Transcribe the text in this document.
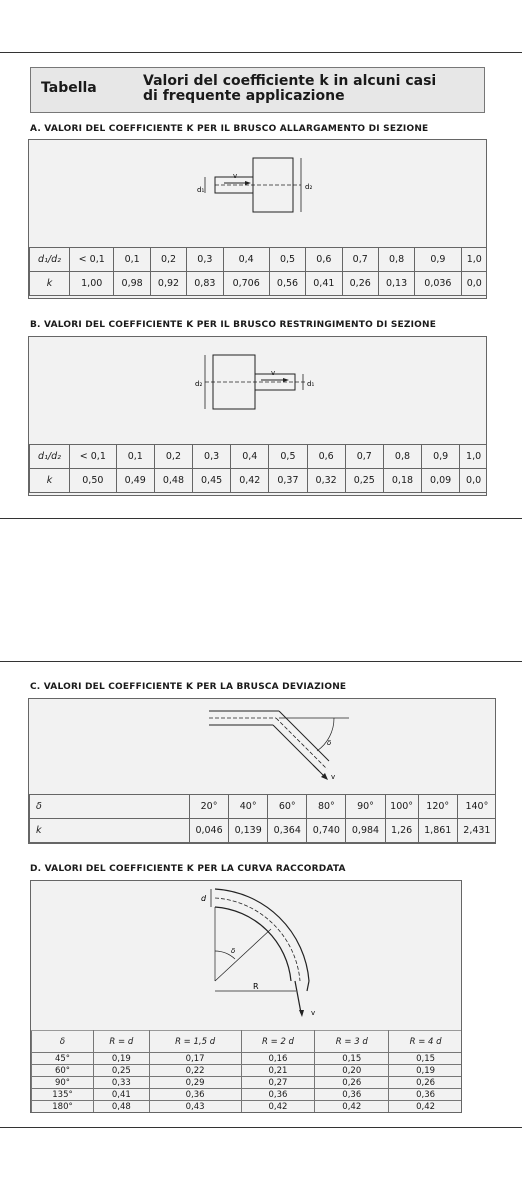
Tabella	Valori del coefficiente k in alcuni casi
di frequente applicazione
A. VALORI DEL COEFFICIENTE K PER IL BRUSCO ALLARGAMENTO DI SEZIONE
v
d₁	d₂
d₁/d₂	< 0,1	0,1	0,2	0,3	0,4	0,5	0,6	0,7	0,8	0,9	1,0
k	1,00	0,98	0,92	0,83	0,706	0,56	0,41	0,26	0,13	0,036	0,0
B. VALORI DEL COEFFICIENTE K PER IL BRUSCO RESTRINGIMENTO DI SEZIONE
v
d₂	d₁
d₁/d₂	< 0,1	0,1	0,2	0,3	0,4	0,5	0,6	0,7	0,8	0,9	1,0
k	0,50	0,49	0,48	0,45	0,42	0,37	0,32	0,25	0,18	0,09	0,0
C. VALORI DEL COEFFICIENTE K PER LA BRUSCA DEVIAZIONE
δ
v
δ	20°	40°	60°	80°	90°	100°	120°	140°
k	0,046	0,139	0,364	0,740	0,984	1,26	1,861	2,431
D. VALORI DEL COEFFICIENTE K PER LA CURVA RACCORDATA
d
δ
R
v
δ	R = d	R = 1,5 d	R = 2 d	R = 3 d	R = 4 d
45°	0,19	0,17	0,16	0,15	0,15
60°	0,25	0,22	0,21	0,20	0,19
90°	0,33	0,29	0,27	0,26	0,26
135°	0,41	0,36	0,36	0,36	0,36
180°	0,48	0,43	0,42	0,42	0,42
